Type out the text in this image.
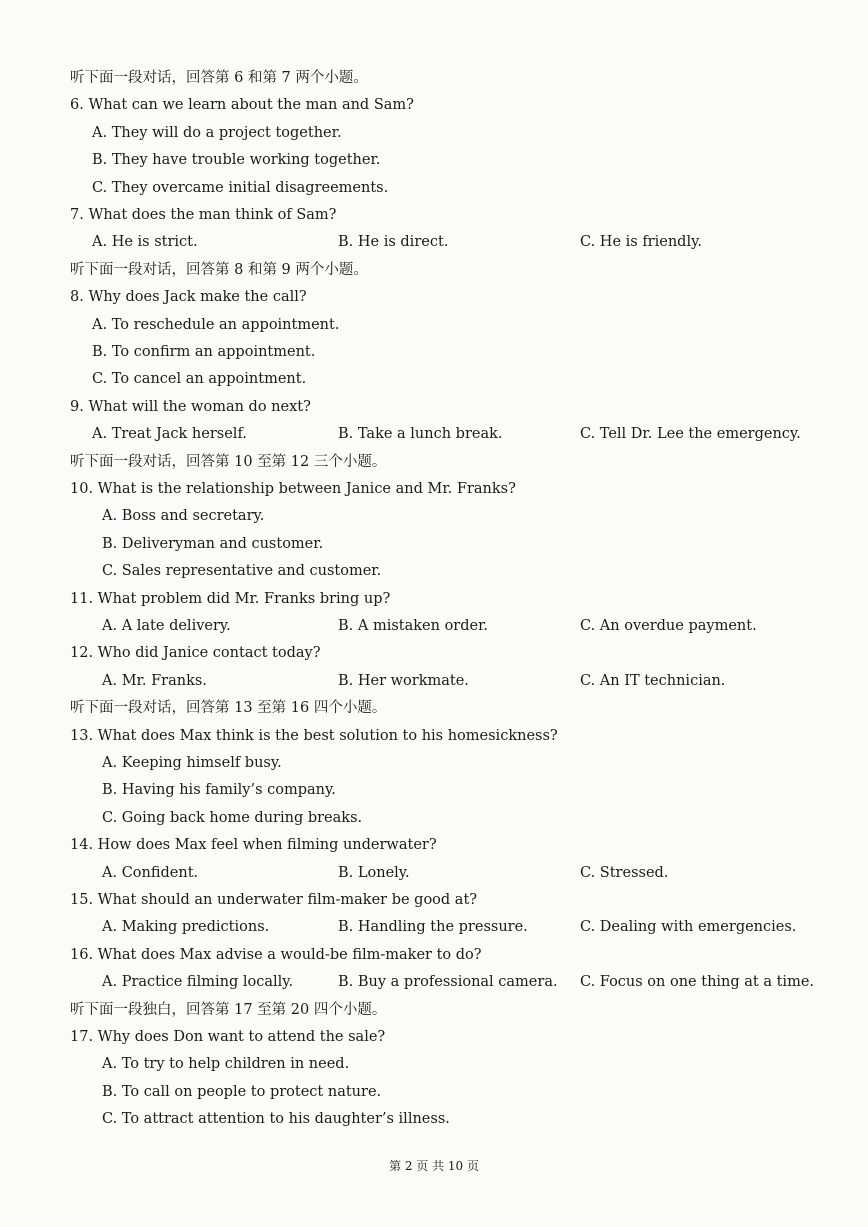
听下面一段对话，回答第 6 和第 7 两个小题。
6. What can we learn about the man and Sam?
A. They will do a project together.
B. They have trouble working together.
C. They overcame initial disagreements.
7. What does the man think of Sam?
A. He is strict.	B. He is direct.	C. He is friendly.
听下面一段对话，回答第 8 和第 9 两个小题。
8. Why does Jack make the call?
A. To reschedule an appointment.
B. To confirm an appointment.
C. To cancel an appointment.
9. What will the woman do next?
A. Treat Jack herself.	B. Take a lunch break.	C. Tell Dr. Lee the emergency.
听下面一段对话，回答第 10 至第 12 三个小题。
10. What is the relationship between Janice and Mr. Franks?
A. Boss and secretary.
B. Deliveryman and customer.
C. Sales representative and customer.
11. What problem did Mr. Franks bring up?
A. A late delivery.	B. A mistaken order.	C. An overdue payment.
12. Who did Janice contact today?
A. Mr. Franks.	B. Her workmate.	C. An IT technician.
听下面一段对话，回答第 13 至第 16 四个小题。
13. What does Max think is the best solution to his homesickness?
A. Keeping himself busy.
B. Having his family’s company.
C. Going back home during breaks.
14. How does Max feel when filming underwater?
A. Confident.	B. Lonely.	C. Stressed.
15. What should an underwater film-maker be good at?
A. Making predictions.	B. Handling the pressure.	C. Dealing with emergencies.
16. What does Max advise a would-be film-maker to do?
A. Practice filming locally.	B. Buy a professional camera. C. Focus on one thing at a time.
听下面一段独白，回答第 17 至第 20 四个小题。
17. Why does Don want to attend the sale?
A. To try to help children in need.
B. To call on people to protect nature.
C. To attract attention to his daughter’s illness.
第 2 页 共 10 页
